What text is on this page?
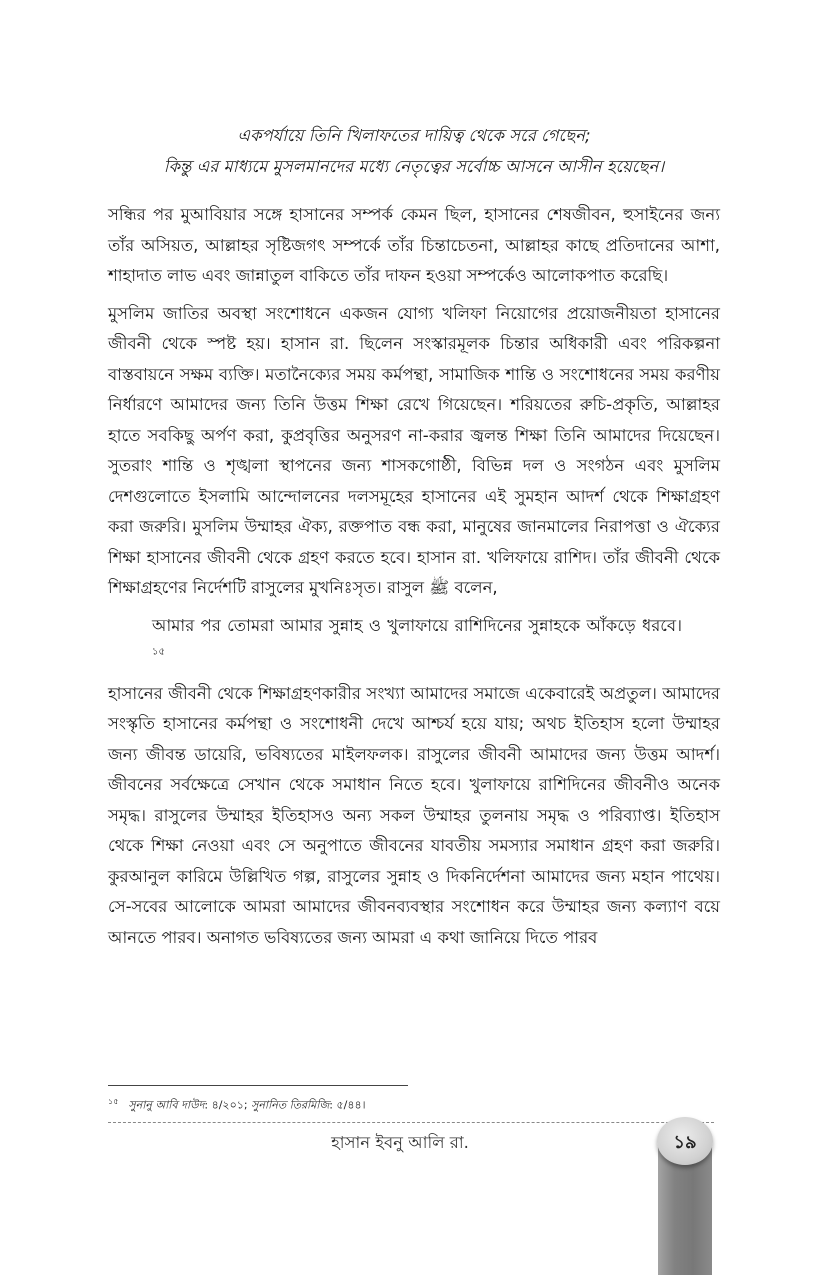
একপর্যায়ে তিনি খিলাফতের দায়িত্ব থেকে সরে গেছেন;
কিন্তু এর মাধ্যমে মুসলমানদের মধ্যে নেতৃত্বের সর্বোচ্চ আসনে আসীন হয়েছেন।

সন্ধির পর মুআবিয়ার সঙ্গে হাসানের সম্পর্ক কেমন ছিল, হাসানের শেষজীবন, হুসাইনের জন্য তাঁর অসিয়ত, আল্লাহর সৃষ্টিজগৎ সম্পর্কে তাঁর চিন্তাচেতনা, আল্লাহর কাছে প্রতিদানের আশা, শাহাদাত লাভ এবং জান্নাতুল বাকিতে তাঁর দাফন হওয়া সম্পর্কেও আলোকপাত করেছি।

মুসলিম জাতির অবস্থা সংশোধনে একজন যোগ্য খলিফা নিয়োগের প্রয়োজনীয়তা হাসানের জীবনী থেকে স্পষ্ট হয়। হাসান রা. ছিলেন সংস্কারমূলক চিন্তার অধিকারী এবং পরিকল্পনা বাস্তবায়নে সক্ষম ব্যক্তি। মতানৈক্যের সময় কর্মপন্থা, সামাজিক শান্তি ও সংশোধনের সময় করণীয় নির্ধারণে আমাদের জন্য তিনি উত্তম শিক্ষা রেখে গিয়েছেন। শরিয়তের রুচি-প্রকৃতি, আল্লাহর হাতে সবকিছু অর্পণ করা, কুপ্রবৃত্তির অনুসরণ না-করার জ্বলন্ত শিক্ষা তিনি আমাদের দিয়েছেন। সুতরাং শান্তি ও শৃঙ্খলা স্থাপনের জন্য শাসকগোষ্ঠী, বিভিন্ন দল ও সংগঠন এবং মুসলিম দেশগুলোতে ইসলামি আন্দোলনের দলসমূহের হাসানের এই সুমহান আদর্শ থেকে শিক্ষাগ্রহণ করা জরুরি। মুসলিম উম্মাহর ঐক্য, রক্তপাত বন্ধ করা, মানুষের জানমালের নিরাপত্তা ও ঐক্যের শিক্ষা হাসানের জীবনী থেকে গ্রহণ করতে হবে। হাসান রা. খলিফায়ে রাশিদ। তাঁর জীবনী থেকে শিক্ষাগ্রহণের নির্দেশটি রাসুলের মুখনিঃসৃত। রাসুল ﷺ বলেন,

আমার পর তোমরা আমার সুন্নাহ ও খুলাফায়ে রাশিদিনের সুন্নাহকে আঁকড়ে ধরবে।$^{১৫}$

হাসানের জীবনী থেকে শিক্ষাগ্রহণকারীর সংখ্যা আমাদের সমাজে একেবারেই অপ্রতুল। আমাদের সংস্কৃতি হাসানের কর্মপন্থা ও সংশোধনী দেখে আশ্চর্য হয়ে যায়; অথচ ইতিহাস হলো উম্মাহর জন্য জীবন্ত ডায়েরি, ভবিষ্যতের মাইলফলক। রাসুলের জীবনী আমাদের জন্য উত্তম আদর্শ। জীবনের সর্বক্ষেত্রে সেখান থেকে সমাধান নিতে হবে। খুলাফায়ে রাশিদিনের জীবনীও অনেক সমৃদ্ধ। রাসুলের উম্মাহর ইতিহাসও অন্য সকল উম্মাহর তুলনায় সমৃদ্ধ ও পরিব্যাপ্ত। ইতিহাস থেকে শিক্ষা নেওয়া এবং সে অনুপাতে জীবনের যাবতীয় সমস্যার সমাধান গ্রহণ করা জরুরি। কুরআনুল কারিমে উল্লিখিত গল্প, রাসুলের সুন্নাহ ও দিকনির্দেশনা আমাদের জন্য মহান পাথেয়। সে-সবের আলোকে আমরা আমাদের জীবনব্যবস্থার সংশোধন করে উম্মাহর জন্য কল্যাণ বয়ে আনতে পারব। অনাগত ভবিষ্যতের জন্য আমরা এ কথা জানিয়ে দিতে পারব

$^{১৫}$ সুনানু আবি দাউদ: ৪/২০১; সুনানিত তিরমিজি: ৫/৪৪।
হাসান ইবনু আলি রা.	১৯
